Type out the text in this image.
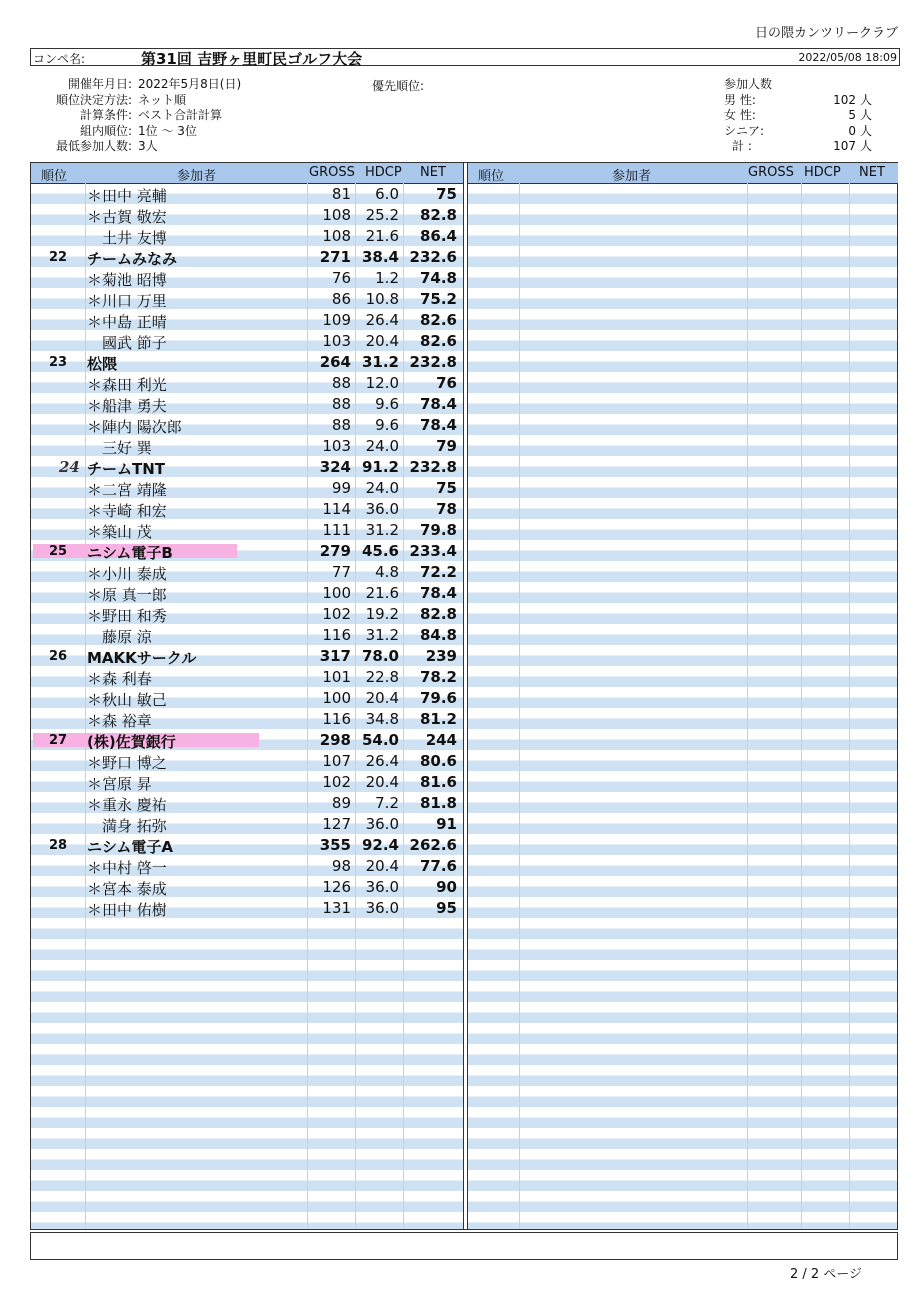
日の隈カンツリークラブ
コンペ名:	第31回 吉野ヶ里町民ゴルフ大会	2022/05/08 18:09
開催年月日: 2022年5月8日(日)
順位決定方法: ネット順
計算条件: ベスト合計計算
組内順位: 1位 ～ 3位
最低参加人数: 3人
優先順位:	参加人数
男 性:	102 人
女 性:	5 人
シニア:	0 人
計 :	107 人
順位	参加者	GROSS HDCP NET 順位	参加者	GROSS HDCP NET
＊田中 亮輔	81	6.0	75
＊古賀 敬宏	108 25.2	82.8
　土井 友博	108 21.6	86.4
22 チームみなみ	271 38.4 232.6
＊菊池 昭博	76	1.2	74.8
＊川口 万里	86 10.8	75.2
＊中島 正晴	109 26.4	82.6
　國武 節子	103 20.4	82.6
23 松隈	264 31.2 232.8
＊森田 利光	88 12.0	76
＊船津 勇夫	88	9.6	78.4
＊陣内 陽次郎	88	9.6	78.4
　三好 巽	103 24.0	79
24 チームTNT	324 91.2 232.8
＊二宮 靖隆	99 24.0	75
＊寺崎 和宏	114 36.0	78
＊築山 茂	111 31.2	79.8
25 ニシム電子B	279 45.6 233.4
＊小川 泰成	77	4.8	72.2
＊原 真一郎	100 21.6	78.4
＊野田 和秀	102 19.2	82.8
　藤原 涼	116 31.2	84.8
26 MAKKサークル	317 78.0	239
＊森 利春	101 22.8	78.2
＊秋山 敏己	100 20.4	79.6
＊森 裕章	116 34.8	81.2
27 (株)佐賀銀行	298 54.0	244
＊野口 博之	107 26.4	80.6
＊宮原 昇	102 20.4	81.6
＊重永 慶祐	89	7.2	81.8
　満身 拓弥	127 36.0	91
28 ニシム電子A	355 92.4 262.6
＊中村 啓一	98 20.4	77.6
＊宮本 泰成	126 36.0	90
＊田中 佑樹	131 36.0	95
2 / 2 ページ
